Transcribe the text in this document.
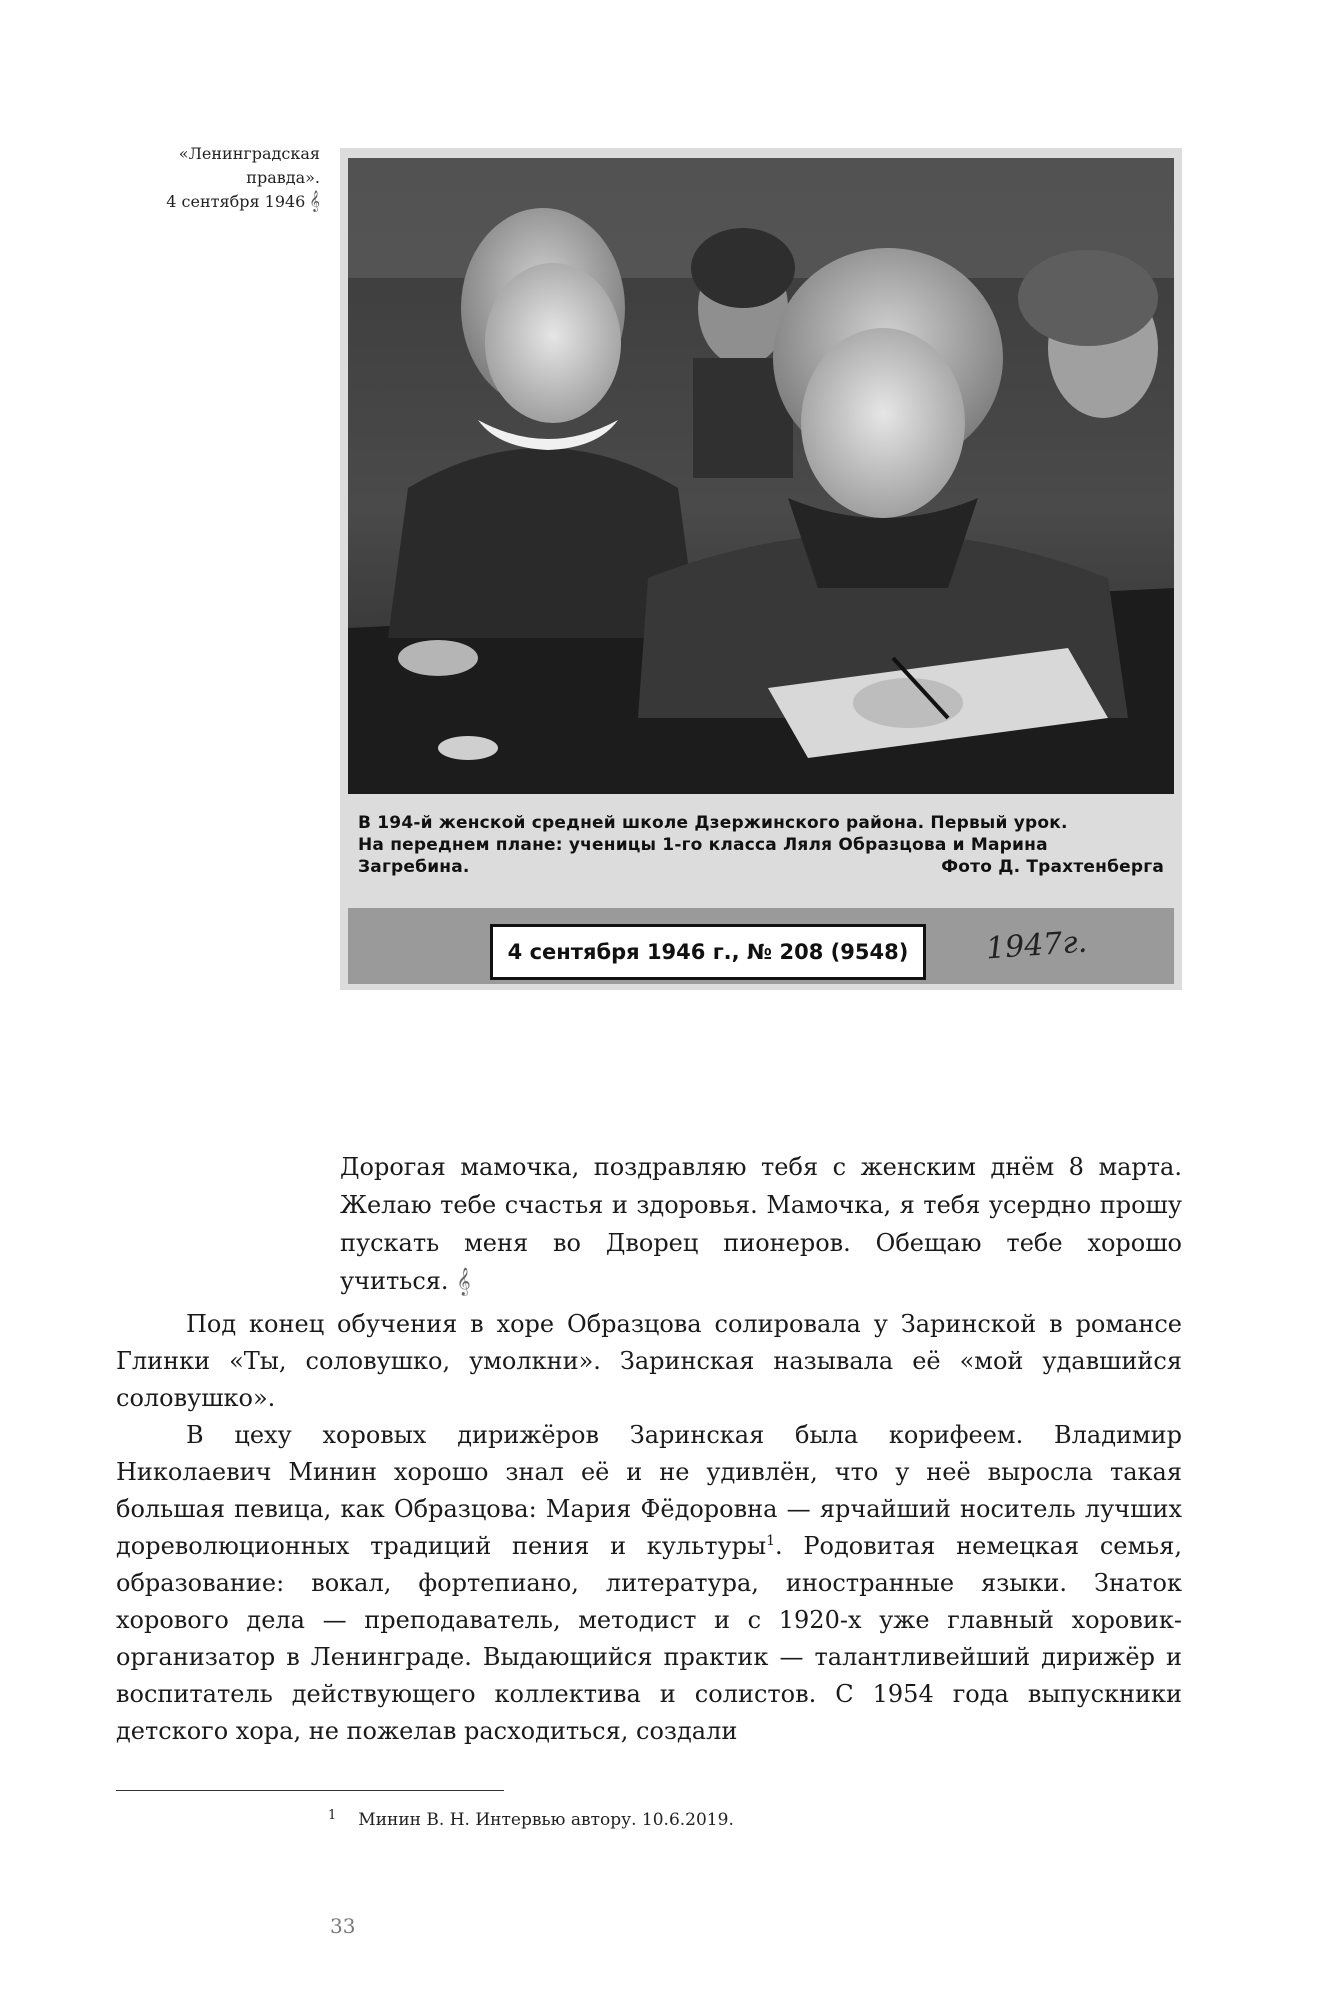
«Ленинградская
правда».
4 сентября 1946 𝄞
В 194-й женской средней школе Дзержинского района. Первый урок.
На переднем плане: ученицы 1-го класса Ляля Образцова и Марина
Загребина.	Фото Д. Трахтенберга
4 сентября 1946 г., № 208 (9548)	1947г.
Дорогая мамочка, поздравляю тебя с женским днём 8 марта. Желаю тебе счастья и здоровья. Мамочка, я тебя усердно прошу пускать меня во Дворец пионеров. Обещаю тебе хорошо учиться. 𝄞

Под конец обучения в хоре Образцова солировала у Заринской в романсе Глинки «Ты, соловушко, умолкни». Заринская называла её «мой удавшийся соловушко».

В цеху хоровых дирижёров Заринская была корифеем. Владимир Николаевич Минин хорошо знал её и не удивлён, что у неё выросла такая большая певица, как Образцова: Мария Фёдоровна — ярчайший носитель лучших дореволюционных традиций пения и культуры$^1$. Родовитая немецкая семья, образование: вокал, фортепиано, литература, иностранные языки. Знаток хорового дела — преподаватель, методист и с 1920-х уже главный хоровик-организатор в Ленинграде. Выдающийся практик — талантливейший дирижёр и воспитатель действующего коллектива и солистов. С 1954 года выпускники детского хора, не пожелав расходиться, создали

$^1$ Минин В. Н. Интервью автору. 10.6.2019.
33
